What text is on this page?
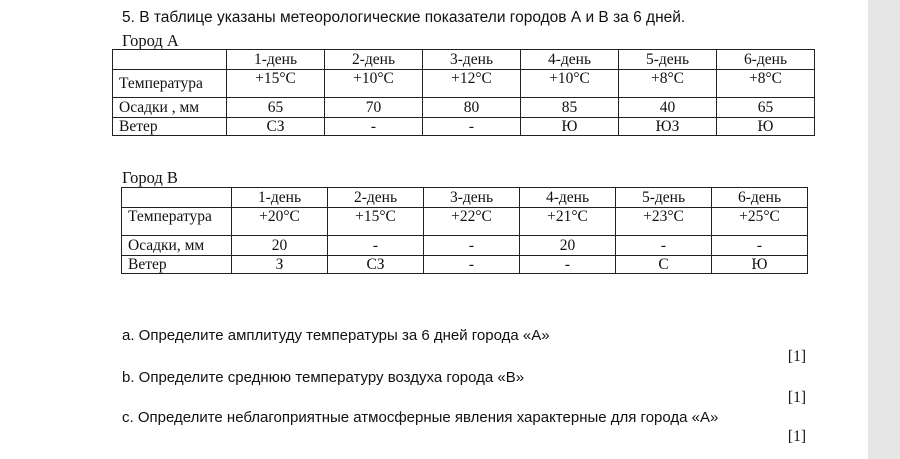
5. В таблице указаны метеорологические показатели городов А и В за 6 дней.
Город А
	1-день	2-день	3-день	4-день	5-день	6-день
Температура	+15°C	+10°C	+12°C	+10°C	+8°C	+8°C
Осадки , мм	65	70	80	85	40	65
Ветер	СЗ	-	-	Ю	ЮЗ	Ю
Город В
	1-день	2-день	3-день	4-день	5-день	6-день
Температура	+20°C	+15°C	+22°C	+21°C	+23°C	+25°C
Осадки, мм	20	-	-	20	-	-
Ветер	З	СЗ	-	-	С	Ю
a. Определите амплитуду температуры за 6 дней города «А»
[1]
b. Определите среднюю температуру воздуха города «В»
[1]
c. Определите неблагоприятные атмосферные явления характерные для города «А»
[1]
